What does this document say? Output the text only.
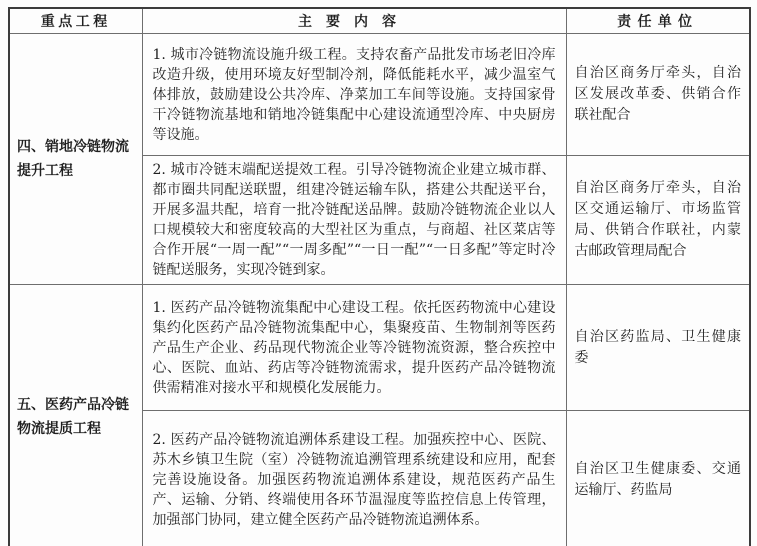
重点工程	主要内容	责任单位
四、销地冷链物流提升工程	1. 城市冷链物流设施升级工程。支持农畜产品批发市场老旧冷库改造升级，使用环境友好型制冷剂，降低能耗水平，减少温室气体排放，鼓励建设公共冷库、净菜加工车间等设施。支持国家骨干冷链物流基地和销地冷链集配中心建设流通型冷库、中央厨房等设施。	自治区商务厅牵头，自治区发展改革委、供销合作联社配合
	2. 城市冷链末端配送提效工程。引导冷链物流企业建立城市群、都市圈共同配送联盟，组建冷链运输车队，搭建公共配送平台，开展多温共配，培育一批冷链配送品牌。鼓励冷链物流企业以人口规模较大和密度较高的大型社区为重点，与商超、社区菜店等合作开展“一周一配”“一周多配”“一日一配”“一日多配”等定时冷链配送服务，实现冷链到家。	自治区商务厅牵头，自治区交通运输厅、市场监管局、供销合作联社，内蒙古邮政管理局配合
五、医药产品冷链物流提质工程	1. 医药产品冷链物流集配中心建设工程。依托医药物流中心建设集约化医药产品冷链物流集配中心，集聚疫苗、生物制剂等医药产品生产企业、药品现代物流企业等冷链物流资源，整合疾控中心、医院、血站、药店等冷链物流需求，提升医药产品冷链物流供需精准对接水平和规模化发展能力。	自治区药监局、卫生健康委
	2. 医药产品冷链物流追溯体系建设工程。加强疾控中心、医院、苏木乡镇卫生院（室）冷链物流追溯管理系统建设和应用，配套完善设施设备。加强医药物流追溯体系建设，规范医药产品生产、运输、分销、终端使用各环节温湿度等监控信息上传管理，加强部门协同，建立健全医药产品冷链物流追溯体系。	自治区卫生健康委、交通运输厅、药监局
